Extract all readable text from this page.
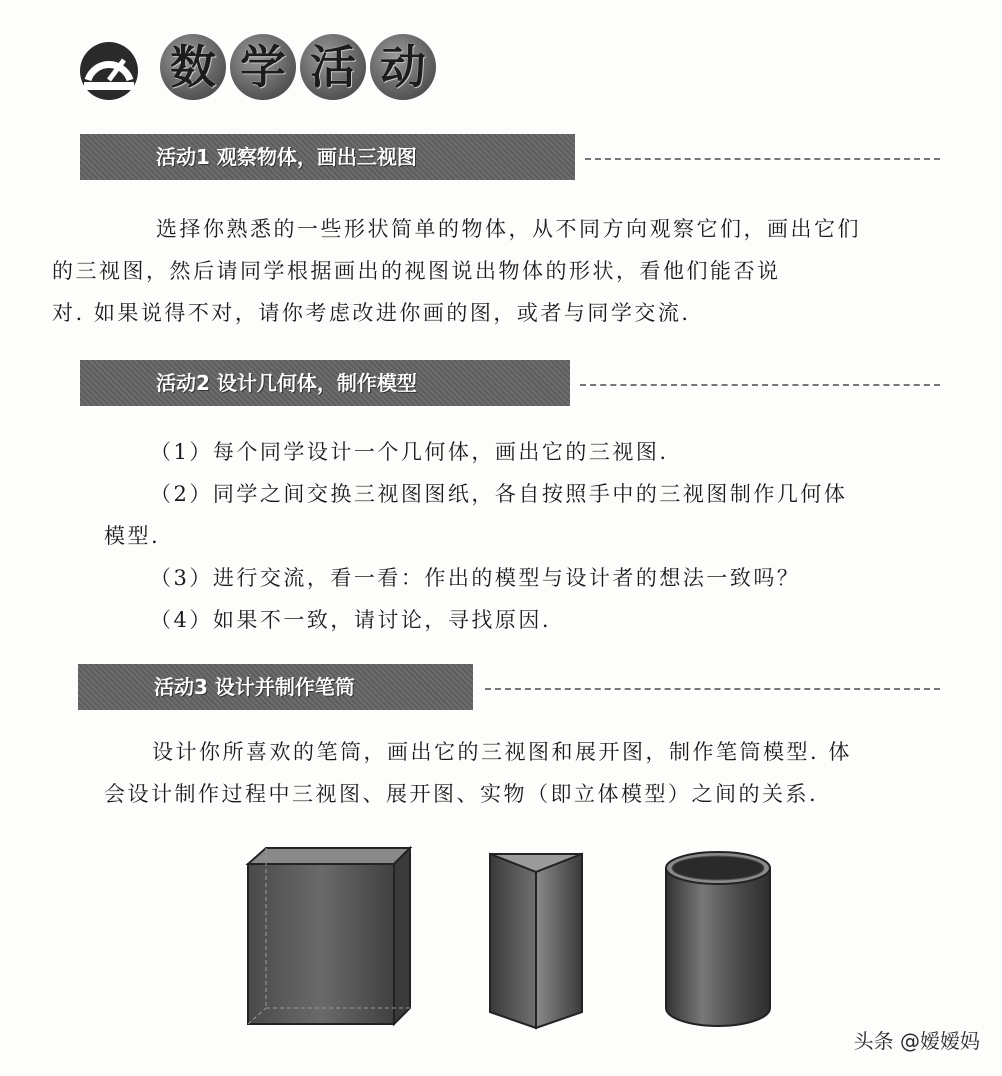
数 学 活 动
活动1 观察物体，画出三视图

选择你熟悉的一些形状简单的物体，从不同方向观察它们，画出它们

的三视图，然后请同学根据画出的视图说出物体的形状，看他们能否说

对. 如果说得不对，请你考虑改进你画的图，或者与同学交流.

活动2 设计几何体，制作模型

（1）每个同学设计一个几何体，画出它的三视图.

（2）同学之间交换三视图图纸，各自按照手中的三视图制作几何体

模型.

（3）进行交流，看一看：作出的模型与设计者的想法一致吗？

（4）如果不一致，请讨论，寻找原因.

活动3 设计并制作笔筒

设计你所喜欢的笔筒，画出它的三视图和展开图，制作笔筒模型. 体

会设计制作过程中三视图、展开图、实物（即立体模型）之间的关系.

头条 @嫒嫒妈
